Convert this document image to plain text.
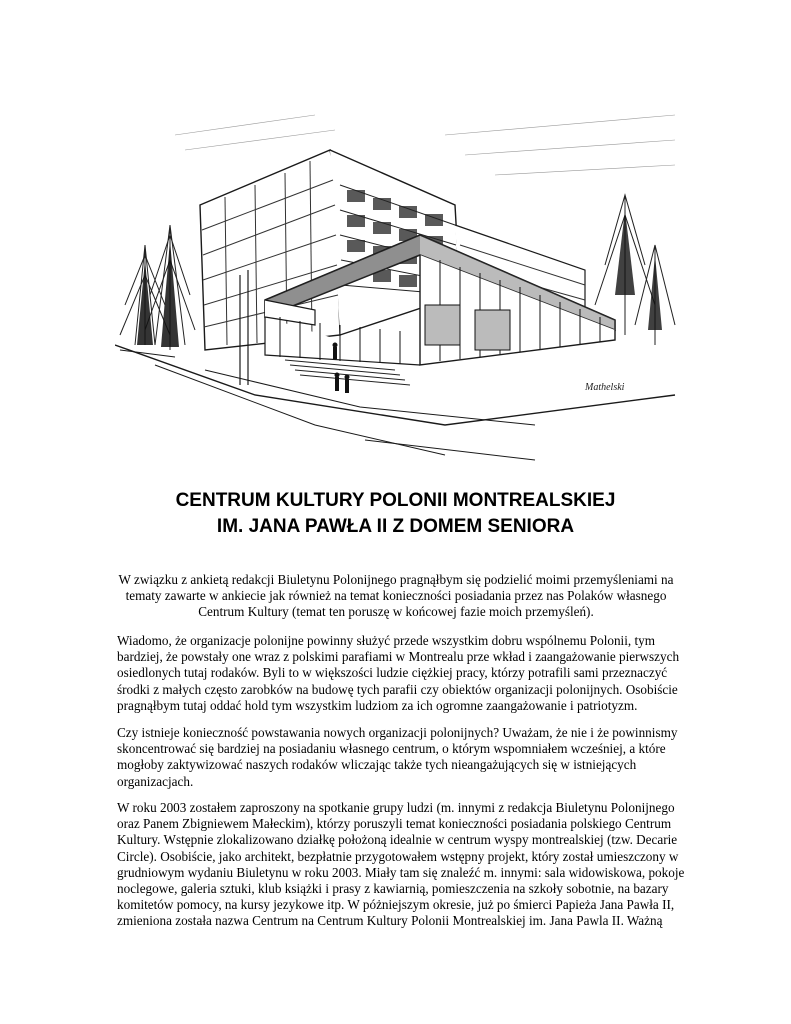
Mathelski
CENTRUM KULTURY POLONII MONTREALSKIEJ
IM. JANA PAWŁA II Z DOMEM SENIORA
W związku z ankietą redakcji Biuletynu Polonijnego pragnąłbym się podzielić moimi przemyśleniami na
tematy zawarte w ankiecie jak również na temat konieczności posiadania przez nas Polaków własnego
Centrum Kultury (temat ten poruszę w końcowej fazie moich przemyśleń).
Wiadomo, że organizacje polonijne powinny służyć przede wszystkim dobru wspólnemu Polonii, tym
bardziej, że powstały one wraz z polskimi parafiami w Montrealu prze wkład i zaangażowanie pierwszych
osiedlonych tutaj rodaków. Byli to w większości ludzie ciężkiej pracy, którzy potrafili sami przeznaczyć
środki z małych często zarobków na budowę tych parafii czy obiektów organizacji polonijnych. Osobiście
pragnąłbym tutaj oddać hold tym wszystkim ludziom za ich ogromne zaangażowanie i patriotyzm.
Czy istnieje konieczność powstawania nowych organizacji polonijnych? Uważam, że nie i że powinnismy
skoncentrować się bardziej na posiadaniu własnego centrum, o którym wspomniałem wcześniej, a które
mogłoby zaktywizować naszych rodaków wliczając także tych nieangażujących się w istniejących
organizacjach.
W roku 2003 zostałem zaproszony na spotkanie grupy ludzi (m. innymi z redakcja Biuletynu Polonijnego
oraz Panem Zbigniewem Małeckim), którzy poruszyli temat konieczności posiadania polskiego Centrum
Kultury. Wstępnie zlokalizowano działkę położoną idealnie w centrum wyspy montrealskiej (tzw. Decarie
Circle). Osobiście, jako architekt, bezpłatnie przygotowałem wstępny projekt, który został umieszczony w
grudniowym wydaniu Biuletynu w roku 2003. Miały tam się znaleźć m. innymi: sala widowiskowa, pokoje
noclegowe, galeria sztuki, klub książki i prasy z kawiarnią, pomieszczenia na szkoły sobotnie, na bazary
komitetów pomocy, na kursy jezykowe itp. W póżniejszym okresie, już po śmierci Papieża Jana Pawła II,
zmieniona została nazwa Centrum na Centrum Kultury Polonii Montrealskiej im. Jana Pawla II. Ważną
